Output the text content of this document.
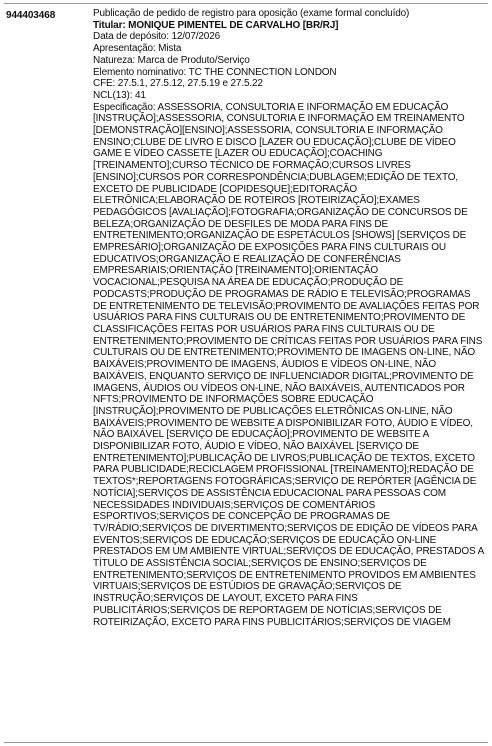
944403468	Publicação de pedido de registro para oposição (exame formal concluído)
Titular: MONIQUE PIMENTEL DE CARVALHO [BR/RJ]
Data de depósito: 12/07/2026
Apresentação: Mista
Natureza: Marca de Produto/Serviço
Elemento nominativo: TC THE CONNECTION LONDON
CFE: 27.5.1, 27.5.12, 27.5.19 e 27.5.22
NCL(13): 41
Especificação: ASSESSORIA, CONSULTORIA E INFORMAÇÃO EM EDUCAÇÃO [INSTRUÇÃO];ASSESSORIA, CONSULTORIA E INFORMAÇÃO EM TREINAMENTO [DEMONSTRAÇÃO][ENSINO];ASSESSORIA, CONSULTORIA E INFORMAÇÃO ENSINO;CLUBE DE LIVRO E DISCO [LAZER OU EDUCAÇÃO];CLUBE DE VÍDEO GAME E VÍDEO CASSETE [LAZER OU EDUCAÇÃO];COACHING [TREINAMENTO];CURSO TÉCNICO DE FORMAÇÃO;CURSOS LIVRES [ENSINO];CURSOS POR CORRESPONDÊNCIA;DUBLAGEM;EDIÇÃO DE TEXTO, EXCETO DE PUBLICIDADE [COPIDESQUE];EDITORAÇÃO ELETRÔNICA;ELABORAÇÃO DE ROTEIROS [ROTEIRIZAÇÃO];EXAMES PEDAGÓGICOS [AVALIAÇÃO];FOTOGRAFIA;ORGANIZAÇÃO DE CONCURSOS DE BELEZA;ORGANIZAÇÃO DE DESFILES DE MODA PARA FINS DE ENTRETENIMENTO;ORGANIZAÇÃO DE ESPETÁCULOS [SHOWS] [SERVIÇOS DE EMPRESÁRIO];ORGANIZAÇÃO DE EXPOSIÇÕES PARA FINS CULTURAIS OU EDUCATIVOS;ORGANIZAÇÃO E REALIZAÇÃO DE CONFERÊNCIAS EMPRESARIAIS;ORIENTAÇÃO [TREINAMENTO];ORIENTAÇÃO VOCACIONAL;PESQUISA NA ÁREA DE EDUCAÇÃO;PRODUÇÃO DE PODCASTS;PRODUÇÃO DE PROGRAMAS DE RÁDIO E TELEVISÃO;PROGRAMAS DE ENTRETENIMENTO DE TELEVISÃO;PROVIMENTO DE AVALIAÇÕES FEITAS POR USUÁRIOS PARA FINS CULTURAIS OU DE ENTRETENIMENTO;PROVIMENTO DE CLASSIFICAÇÕES FEITAS POR USUÁRIOS PARA FINS CULTURAIS OU DE ENTRETENIMENTO;PROVIMENTO DE CRÍTICAS FEITAS POR USUÁRIOS PARA FINS CULTURAIS OU DE ENTRETENIMENTO;PROVIMENTO DE IMAGENS ON-LINE, NÃO BAIXÁVEIS;PROVIMENTO DE IMAGENS, ÁUDIOS E VÍDEOS ON-LINE, NÃO BAIXÁVEIS, ENQUANTO SERVIÇO DE INFLUENCIADOR DIGITAL;PROVIMENTO DE IMAGENS, ÁUDIOS OU VÍDEOS ON-LINE, NÃO BAIXÁVEIS, AUTENTICADOS POR NFTS;PROVIMENTO DE INFORMAÇÕES SOBRE EDUCAÇÃO [INSTRUÇÃO];PROVIMENTO DE PUBLICAÇÕES ELETRÔNICAS ON-LINE, NÃO BAIXÁVEIS;PROVIMENTO DE WEBSITE A DISPONIBILIZAR FOTO, ÁUDIO E VÍDEO, NÃO BAIXÁVEL [SERVIÇO DE EDUCAÇÃO];PROVIMENTO DE WEBSITE A DISPONIBILIZAR FOTO, ÁUDIO E VÍDEO, NÃO BAIXÁVEL [SERVIÇO DE ENTRETENIMENTO];PUBLICAÇÃO DE LIVROS;PUBLICAÇÃO DE TEXTOS, EXCETO PARA PUBLICIDADE;RECICLAGEM PROFISSIONAL [TREINAMENTO];REDAÇÃO DE TEXTOS*;REPORTAGENS FOTOGRÁFICAS;SERVIÇO DE REPÓRTER [AGÊNCIA DE NOTÍCIA];SERVIÇOS DE ASSISTÊNCIA EDUCACIONAL PARA PESSOAS COM NECESSIDADES INDIVIDUAIS;SERVIÇOS DE COMENTÁRIOS ESPORTIVOS;SERVIÇOS DE CONCEPÇÃO DE PROGRAMAS DE TV/RÁDIO;SERVIÇOS DE DIVERTIMENTO;SERVIÇOS DE EDIÇÃO DE VÍDEOS PARA EVENTOS;SERVIÇOS DE EDUCAÇÃO;SERVIÇOS DE EDUCAÇÃO ON-LINE PRESTADOS EM UM AMBIENTE VIRTUAL;SERVIÇOS DE EDUCAÇÃO, PRESTADOS A TÍTULO DE ASSISTÊNCIA SOCIAL;SERVIÇOS DE ENSINO;SERVIÇOS DE ENTRETENIMENTO;SERVIÇOS DE ENTRETENIMENTO PROVIDOS EM AMBIENTES VIRTUAIS;SERVIÇOS DE ESTÚDIOS DE GRAVAÇÃO;SERVIÇOS DE INSTRUÇÃO;SERVIÇOS DE LAYOUT, EXCETO PARA FINS PUBLICITÁRIOS;SERVIÇOS DE REPORTAGEM DE NOTÍCIAS;SERVIÇOS DE ROTEIRIZAÇÃO, EXCETO PARA FINS PUBLICITÁRIOS;SERVIÇOS DE VIAGEM
